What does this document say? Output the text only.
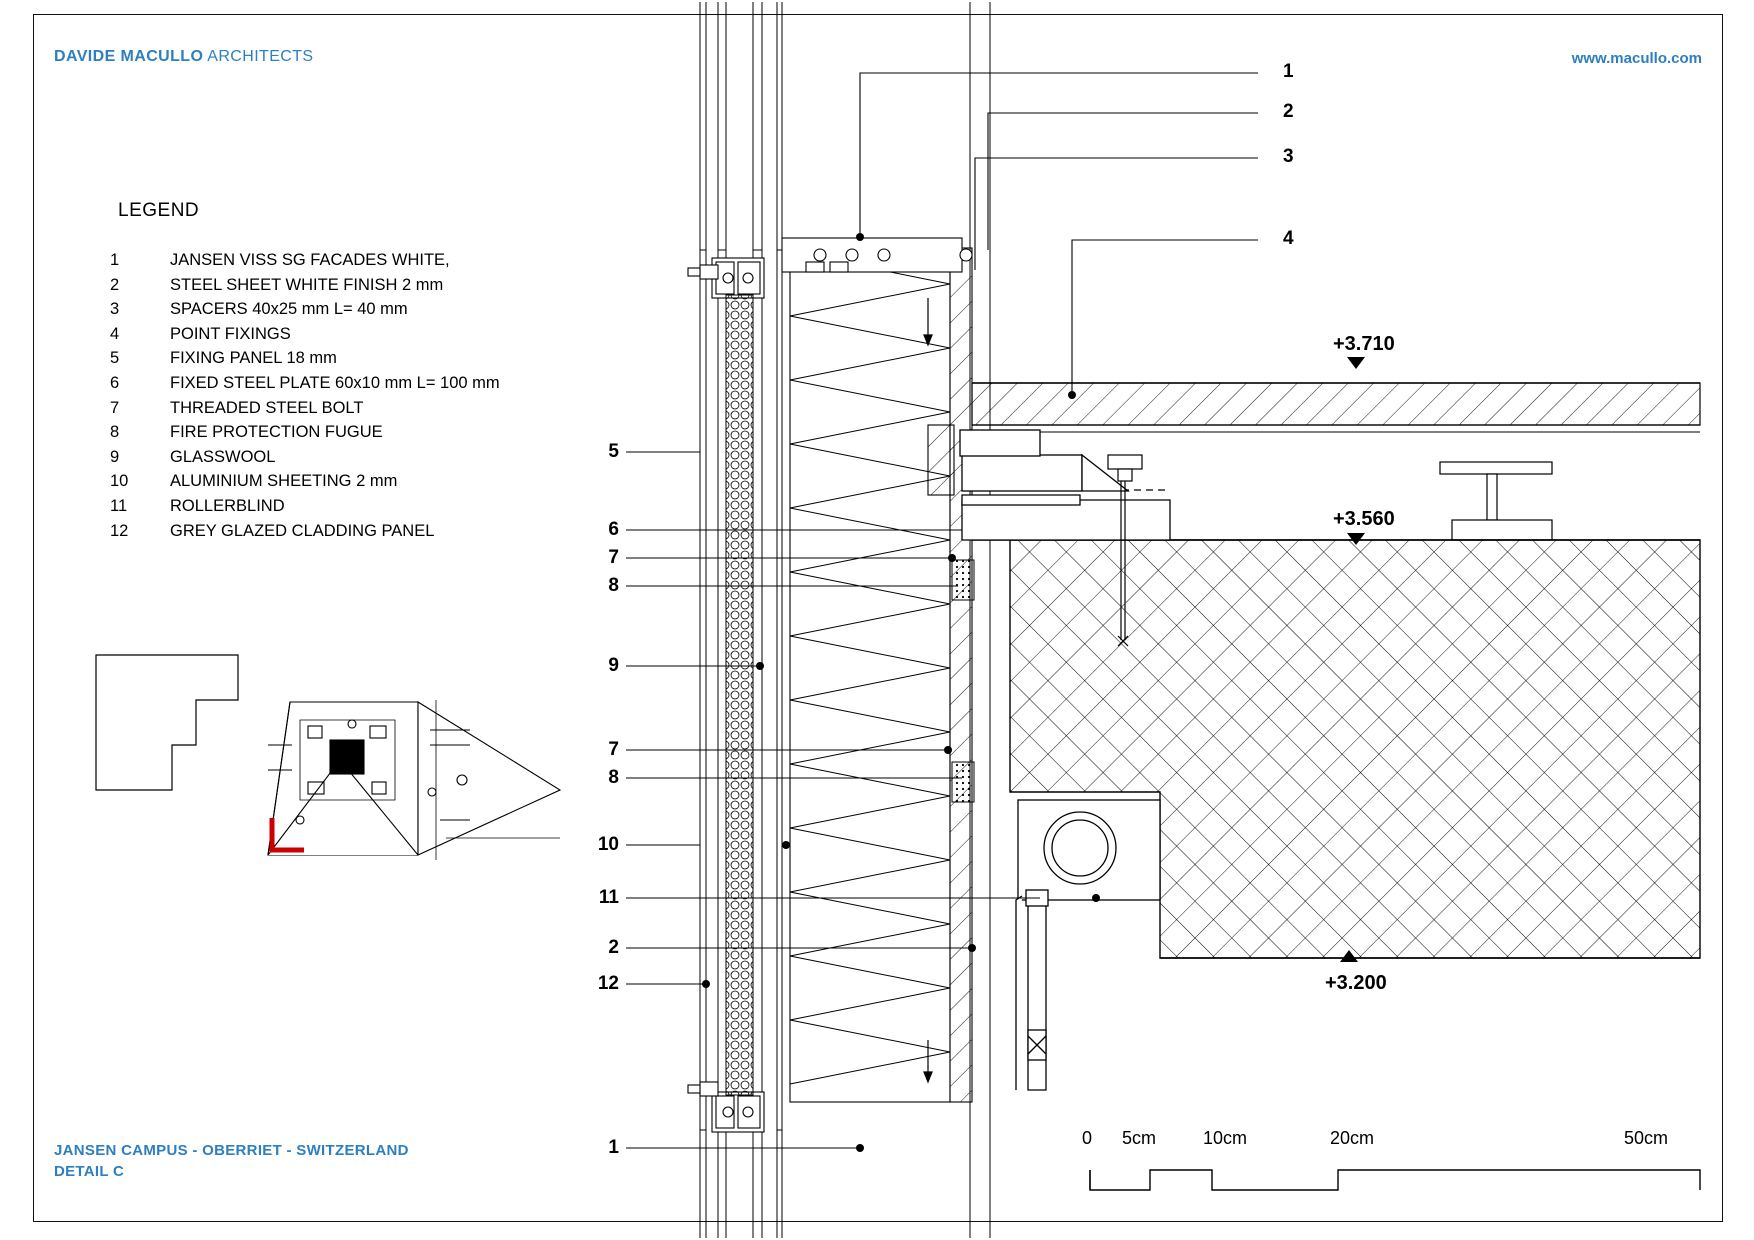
DAVIDE MACULLO ARCHITECTS	www.macullo.com
LEGEND
1	JANSEN VISS SG FACADES WHITE,
2	STEEL SHEET WHITE FINISH 2 mm
3	SPACERS 40x25 mm L= 40 mm
4	POINT FIXINGS
5	FIXING PANEL 18 mm
6	FIXED STEEL PLATE 60x10 mm L= 100 mm
7	THREADED STEEL BOLT
8	FIRE PROTECTION FUGUE
9	GLASSWOOL
10	ALUMINIUM SHEETING 2 mm
11	ROLLERBLIND
12	GREY GLAZED CLADDING PANEL
1
2
3
4
5
6
7
8
9
7
8
10
11
2
12
1
+3.710
+3.560
+3.200
0 5cm	10cm	20cm	50cm
JANSEN CAMPUS - OBERRIET - SWITZERLAND
DETAIL C
